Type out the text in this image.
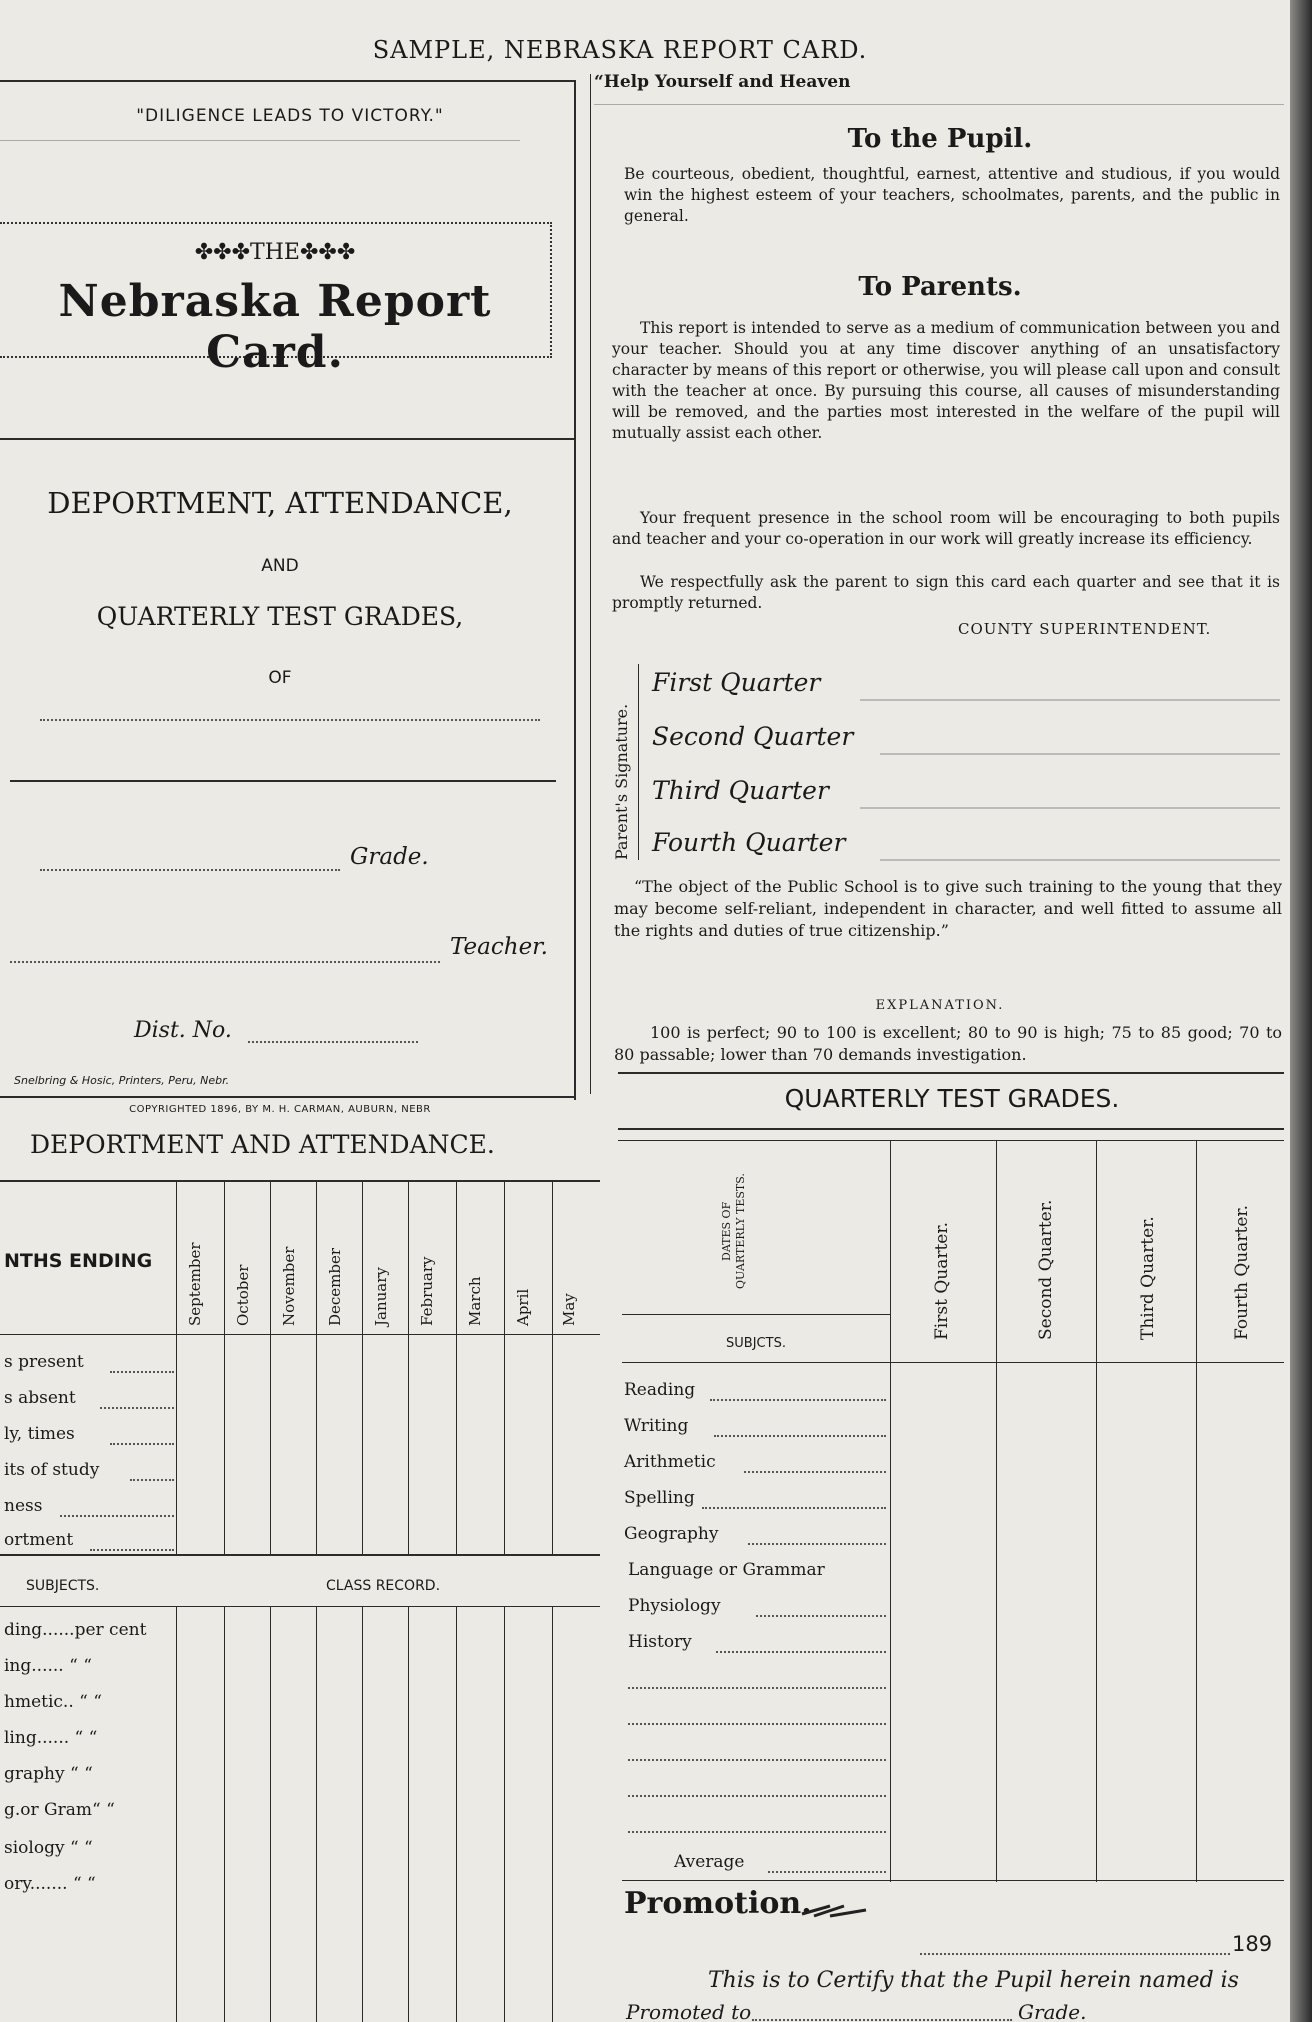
SAMPLE, NEBRASKA REPORT CARD.
"DILIGENCE LEADS TO VICTORY."
✤✤✤THE✤✤✤
Nebraska Report Card.
DEPORTMENT, ATTENDANCE,
AND
QUARTERLY TEST GRADES,
OF
Grade.
Teacher.
Dist. No.
Snelbring & Hosic, Printers, Peru, Nebr.
COPYRIGHTED 1896, BY M. H. CARMAN, AUBURN, NEBR
DEPORTMENT AND ATTENDANCE.
NTHS ENDING September October November December January February March April May
s present
s absent
ly, times
its of study
ness
ortment
SUBJECTS.	CLASS RECORD.
ding......per cent
ing...... “ “
hmetic.. “ “
ling...... “ “
graphy “ “
g.or Gram“ “
siology “ “
ory....... “ “
“Help Yourself and Heaven
To the Pupil.
Be courteous, obedient, thoughtful, earnest, attentive and studious, if you would win the highest esteem of your teachers, schoolmates, parents, and the public in general.
To Parents.
This report is intended to serve as a medium of communication between you and your teacher. Should you at any time discover anything of an unsatisfactory character by means of this report or otherwise, you will please call upon and consult with the teacher at once. By pursuing this course, all causes of misunderstanding will be removed, and the parties most interested in the welfare of the pupil will mutually assist each other.
Your frequent presence in the school room will be encouraging to both pupils and teacher and your co-operation in our work will greatly increase its efficiency.
We respectfully ask the parent to sign this card each quarter and see that it is promptly returned.
COUNTY SUPERINTENDENT.
Parent's Signature.
First Quarter
Second Quarter
Third Quarter
Fourth Quarter
“The object of the Public School is to give such training to the young that they may become self-reliant, independent in character, and well fitted to assume all the rights and duties of true citizenship.”
EXPLANATION.
100 is perfect; 90 to 100 is excellent; 80 to 90 is high; 75 to 85 good; 70 to 80 passable; lower than 70 demands investigation.
QUARTERLY TEST GRADES.
DATES OF QUARTERLY TESTS.
SUBJCTS.
First Quarter.	Second Quarter.	Third Quarter.	Fourth Quarter.
Reading
Writing
Arithmetic
Spelling
Geography
Language or Grammar
Physiology
History
Average
Promotion.
189
This is to Certify that the Pupil herein named is
Promoted to	Grade.
